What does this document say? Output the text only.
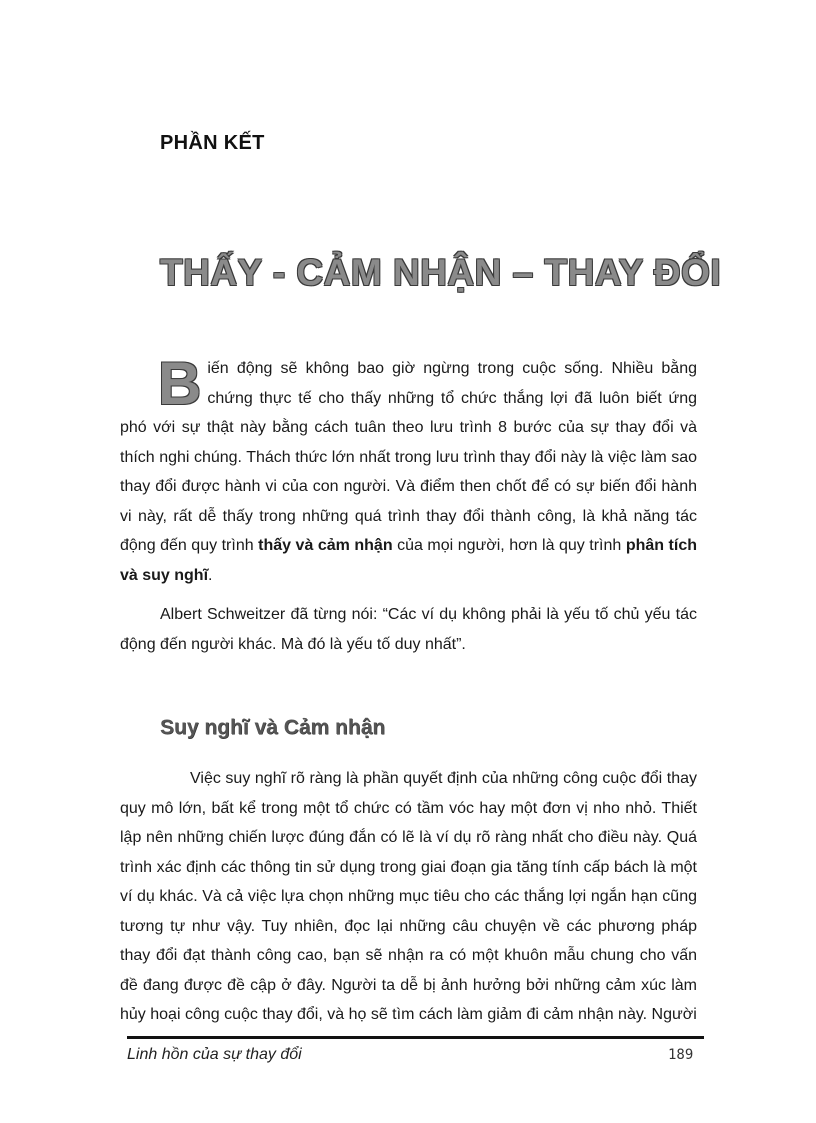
PHẦN KẾT
THẤY - CẢM NHẬN – THAY ĐỔI

Biến động sẽ không bao giờ ngừng trong cuộc sống. Nhiều bằng chứng thực tế cho thấy những tổ chức thắng lợi đã luôn biết ứng phó với sự thật này bằng cách tuân theo lưu trình 8 bước của sự thay đổi và thích nghi chúng. Thách thức lớn nhất trong lưu trình thay đổi này là việc làm sao thay đổi được hành vi của con người. Và điểm then chốt để có sự biến đổi hành vi này, rất dễ thấy trong những quá trình thay đổi thành công, là khả năng tác động đến quy trình thấy và cảm nhận của mọi người, hơn là quy trình phân tích và suy nghĩ.

Albert Schweitzer đã từng nói: “Các ví dụ không phải là yếu tố chủ yếu tác động đến người khác. Mà đó là yếu tố duy nhất”.

Suy nghĩ và Cảm nhận

Việc suy nghĩ rõ ràng là phần quyết định của những công cuộc đổi thay quy mô lớn, bất kể trong một tổ chức có tầm vóc hay một đơn vị nho nhỏ. Thiết lập nên những chiến lược đúng đắn có lẽ là ví dụ rõ ràng nhất cho điều này. Quá trình xác định các thông tin sử dụng trong giai đoạn gia tăng tính cấp bách là một ví dụ khác. Và cả việc lựa chọn những mục tiêu cho các thắng lợi ngắn hạn cũng tương tự như vậy. Tuy nhiên, đọc lại những câu chuyện về các phương pháp thay đổi đạt thành công cao, bạn sẽ nhận ra có một khuôn mẫu chung cho vấn đề đang được đề cập ở đây. Người ta dễ bị ảnh hưởng bởi những cảm xúc làm hủy hoại công cuộc thay đổi, và họ sẽ tìm cách làm giảm đi cảm nhận này. Người

Linh hồn của sự thay đổi	189
